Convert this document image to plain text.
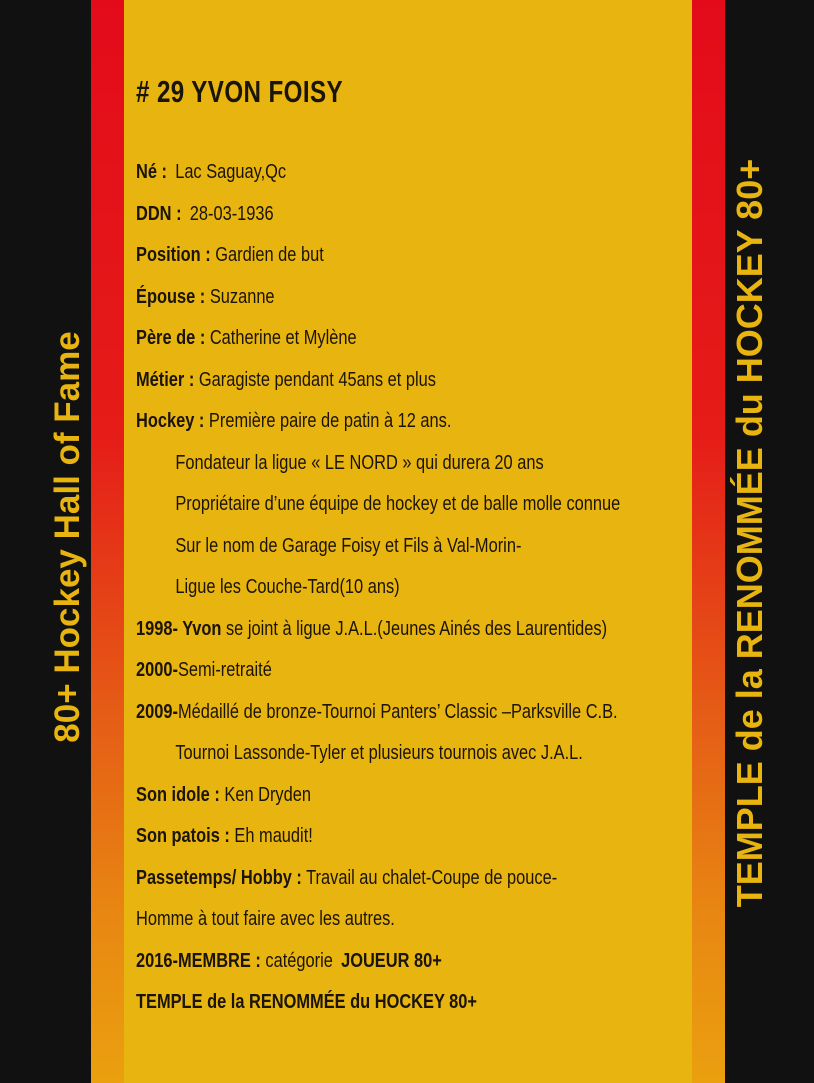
80+ Hockey Hall of Fame	TEMPLE de la RENOMMÉE du HOCKEY 80+
# 29 YVON FOISY
Né : Lac Saguay,Qc
DDN : 28-03-1936
Position : Gardien de but
Épouse : Suzanne
Père de : Catherine et Mylène
Métier : Garagiste pendant 45ans et plus
Hockey : Première paire de patin à 12 ans.
Fondateur la ligue « LE NORD » qui durera 20 ans
Propriétaire d’une équipe de hockey et de balle molle connue
Sur le nom de Garage Foisy et Fils à Val-Morin-
Ligue les Couche-Tard(10 ans)
1998- Yvon se joint à ligue J.A.L.(Jeunes Ainés des Laurentides)
2000-Semi-retraité
2009-Médaillé de bronze-Tournoi Panters’ Classic –Parksville C.B.
Tournoi Lassonde-Tyler et plusieurs tournois avec J.A.L.
Son idole : Ken Dryden
Son patois : Eh maudit!
Passetemps/ Hobby : Travail au chalet-Coupe de pouce-
Homme à tout faire avec les autres.
2016-MEMBRE : catégorie JOUEUR 80+
TEMPLE de la RENOMMÉE du HOCKEY 80+
